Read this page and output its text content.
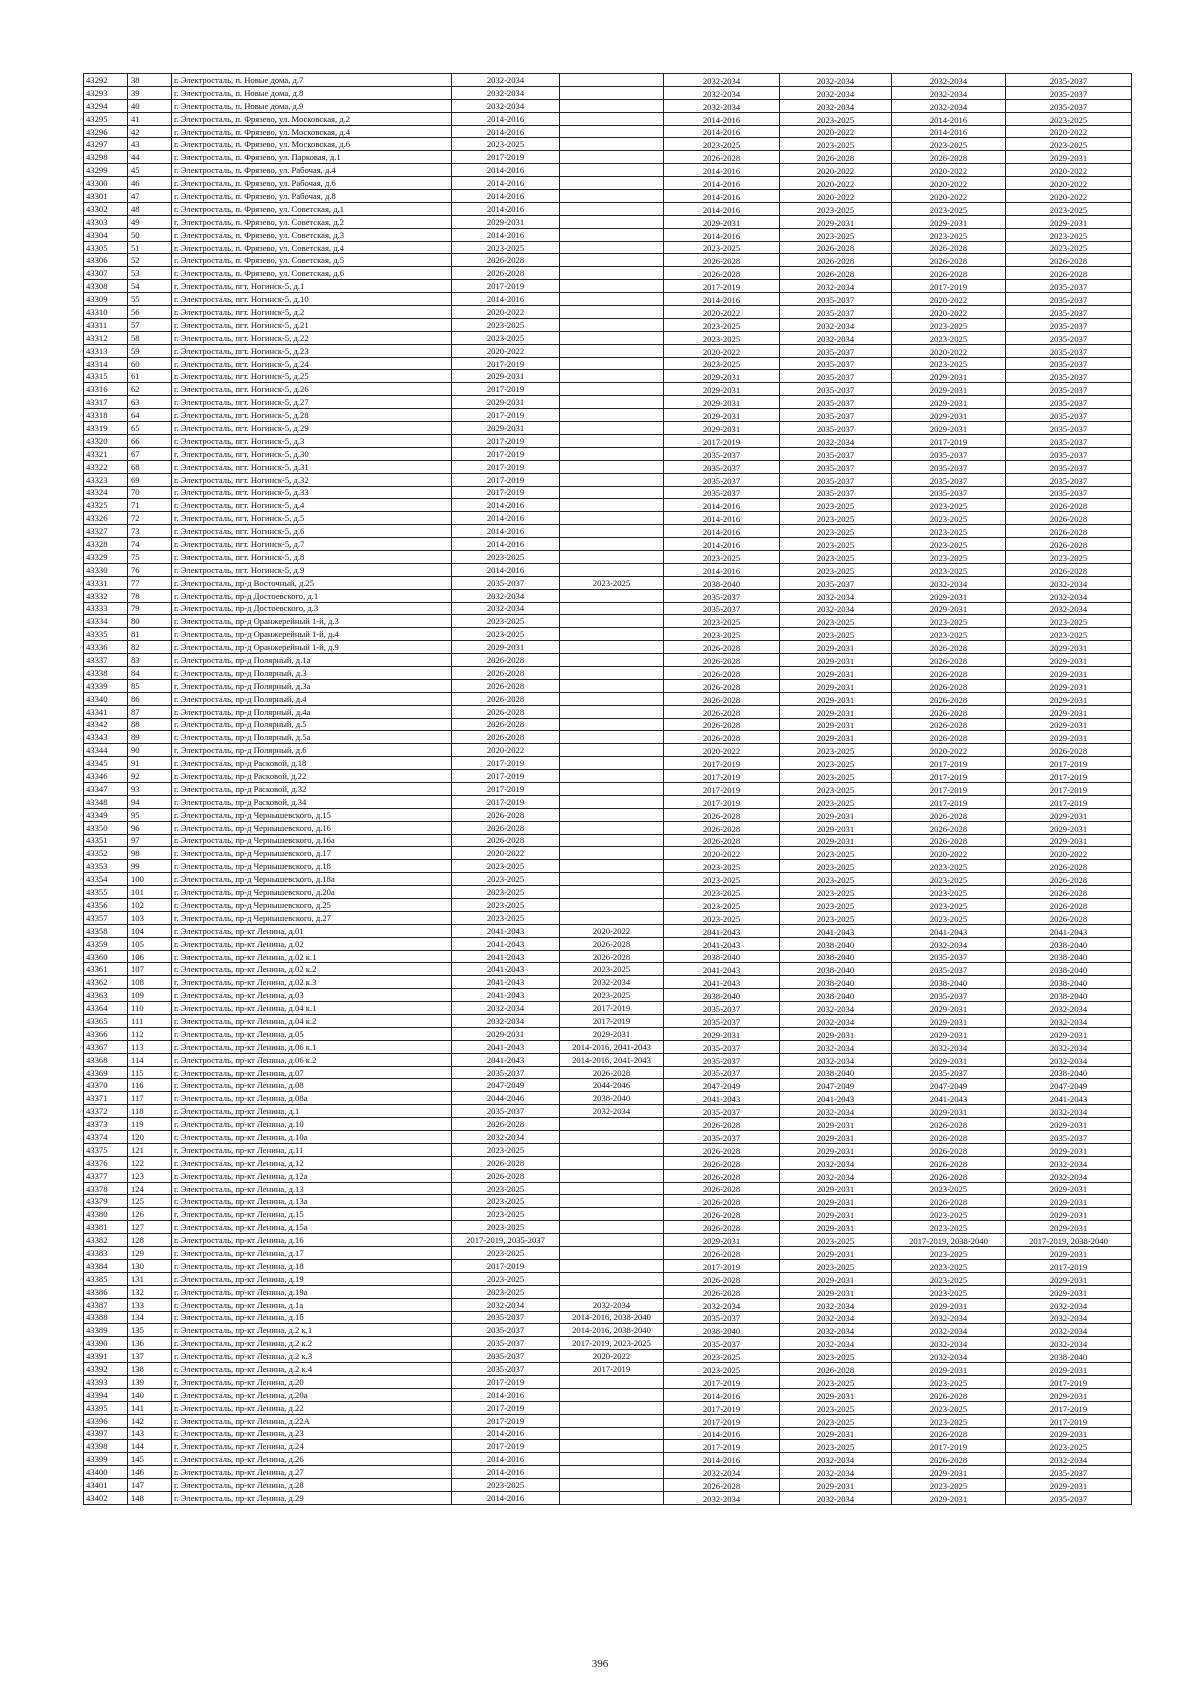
43292	38	г. Электросталь, п. Новые дома, д.7	2032-2034		2032-2034	2032-2034	2032-2034	2035-2037
43293	39	г. Электросталь, п. Новые дома, д.8	2032-2034		2032-2034	2032-2034	2032-2034	2035-2037
43294	40	г. Электросталь, п. Новые дома, д.9	2032-2034		2032-2034	2032-2034	2032-2034	2035-2037
43295	41	г. Электросталь, п. Фрязево, ул. Московская, д.2	2014-2016		2014-2016	2023-2025	2014-2016	2023-2025
43296	42	г. Электросталь, п. Фрязево, ул. Московская, д.4	2014-2016		2014-2016	2020-2022	2014-2016	2020-2022
43297	43	г. Электросталь, п. Фрязево, ул. Московская, д.6	2023-2025		2023-2025	2023-2025	2023-2025	2023-2025
43298	44	г. Электросталь, п. Фрязево, ул. Парковая, д.1	2017-2019		2026-2028	2026-2028	2026-2028	2029-2031
43299	45	г. Электросталь, п. Фрязево, ул. Рабочая, д.4	2014-2016		2014-2016	2020-2022	2020-2022	2020-2022
43300	46	г. Электросталь, п. Фрязево, ул. Рабочая, д.6	2014-2016		2014-2016	2020-2022	2020-2022	2020-2022
43301	47	г. Электросталь, п. Фрязево, ул. Рабочая, д.8	2014-2016		2014-2016	2020-2022	2020-2022	2020-2022
43302	48	г. Электросталь, п. Фрязево, ул. Советская, д.1	2014-2016		2014-2016	2023-2025	2023-2025	2023-2025
43303	49	г. Электросталь, п. Фрязево, ул. Советская, д.2	2029-2031		2029-2031	2029-2031	2029-2031	2029-2031
43304	50	г. Электросталь, п. Фрязево, ул. Советская, д.3	2014-2016		2014-2016	2023-2025	2023-2025	2023-2025
43305	51	г. Электросталь, п. Фрязево, ул. Советская, д.4	2023-2025		2023-2025	2026-2028	2026-2028	2023-2025
43306	52	г. Электросталь, п. Фрязево, ул. Советская, д.5	2026-2028		2026-2028	2026-2028	2026-2028	2026-2028
43307	53	г. Электросталь, п. Фрязево, ул. Советская, д.6	2026-2028		2026-2028	2026-2028	2026-2028	2026-2028
43308	54	г. Электросталь, пгт. Ногинск-5, д.1	2017-2019		2017-2019	2032-2034	2017-2019	2035-2037
43309	55	г. Электросталь, пгт. Ногинск-5, д.10	2014-2016		2014-2016	2035-2037	2020-2022	2035-2037
43310	56	г. Электросталь, пгт. Ногинск-5, д.2	2020-2022		2020-2022	2035-2037	2020-2022	2035-2037
43311	57	г. Электросталь, пгт. Ногинск-5, д.21	2023-2025		2023-2025	2032-2034	2023-2025	2035-2037
43312	58	г. Электросталь, пгт. Ногинск-5, д.22	2023-2025		2023-2025	2032-2034	2023-2025	2035-2037
43313	59	г. Электросталь, пгт. Ногинск-5, д.23	2020-2022		2020-2022	2035-2037	2020-2022	2035-2037
43314	60	г. Электросталь, пгт. Ногинск-5, д.24	2017-2019		2023-2025	2035-2037	2023-2025	2035-2037
43315	61	г. Электросталь, пгт. Ногинск-5, д.25	2029-2031		2029-2031	2035-2037	2029-2031	2035-2037
43316	62	г. Электросталь, пгт. Ногинск-5, д.26	2017-2019		2029-2031	2035-2037	2029-2031	2035-2037
43317	63	г. Электросталь, пгт. Ногинск-5, д.27	2029-2031		2029-2031	2035-2037	2029-2031	2035-2037
43318	64	г. Электросталь, пгт. Ногинск-5, д.28	2017-2019		2029-2031	2035-2037	2029-2031	2035-2037
43319	65	г. Электросталь, пгт. Ногинск-5, д.29	2029-2031		2029-2031	2035-2037	2029-2031	2035-2037
43320	66	г. Электросталь, пгт. Ногинск-5, д.3	2017-2019		2017-2019	2032-2034	2017-2019	2035-2037
43321	67	г. Электросталь, пгт. Ногинск-5, д.30	2017-2019		2035-2037	2035-2037	2035-2037	2035-2037
43322	68	г. Электросталь, пгт. Ногинск-5, д.31	2017-2019		2035-2037	2035-2037	2035-2037	2035-2037
43323	69	г. Электросталь, пгт. Ногинск-5, д.32	2017-2019		2035-2037	2035-2037	2035-2037	2035-2037
43324	70	г. Электросталь, пгт. Ногинск-5, д.33	2017-2019		2035-2037	2035-2037	2035-2037	2035-2037
43325	71	г. Электросталь, пгт. Ногинск-5, д.4	2014-2016		2014-2016	2023-2025	2023-2025	2026-2028
43326	72	г. Электросталь, пгт. Ногинск-5, д.5	2014-2016		2014-2016	2023-2025	2023-2025	2026-2028
43327	73	г. Электросталь, пгт. Ногинск-5, д.6	2014-2016		2014-2016	2023-2025	2023-2025	2026-2028
43328	74	г. Электросталь, пгт. Ногинск-5, д.7	2014-2016		2014-2016	2023-2025	2023-2025	2026-2028
43329	75	г. Электросталь, пгт. Ногинск-5, д.8	2023-2025		2023-2025	2023-2025	2023-2025	2023-2025
43330	76	г. Электросталь, пгт. Ногинск-5, д.9	2014-2016		2014-2016	2023-2025	2023-2025	2026-2028
43331	77	г. Электросталь, пр-д Восточный, д.25	2035-2037	2023-2025	2038-2040	2035-2037	2032-2034	2032-2034
43332	78	г. Электросталь, пр-д Достоевского, д.1	2032-2034		2035-2037	2032-2034	2029-2031	2032-2034
43333	79	г. Электросталь, пр-д Достоевского, д.3	2032-2034		2035-2037	2032-2034	2029-2031	2032-2034
43334	80	г. Электросталь, пр-д Оранжерейный 1-й, д.3	2023-2025		2023-2025	2023-2025	2023-2025	2023-2025
43335	81	г. Электросталь, пр-д Оранжерейный 1-й, д.4	2023-2025		2023-2025	2023-2025	2023-2025	2023-2025
43336	82	г. Электросталь, пр-д Оранжерейный 1-й, д.9	2029-2031		2026-2028	2029-2031	2026-2028	2029-2031
43337	83	г. Электросталь, пр-д Полярный, д.1а	2026-2028		2026-2028	2029-2031	2026-2028	2029-2031
43338	84	г. Электросталь, пр-д Полярный, д.3	2026-2028		2026-2028	2029-2031	2026-2028	2029-2031
43339	85	г. Электросталь, пр-д Полярный, д.3а	2026-2028		2026-2028	2029-2031	2026-2028	2029-2031
43340	86	г. Электросталь, пр-д Полярный, д.4	2026-2028		2026-2028	2029-2031	2026-2028	2029-2031
43341	87	г. Электросталь, пр-д Полярный, д.4а	2026-2028		2026-2028	2029-2031	2026-2028	2029-2031
43342	88	г. Электросталь, пр-д Полярный, д.5	2026-2028		2026-2028	2029-2031	2026-2028	2029-2031
43343	89	г. Электросталь, пр-д Полярный, д.5а	2026-2028		2026-2028	2029-2031	2026-2028	2029-2031
43344	90	г. Электросталь, пр-д Полярный, д.6	2020-2022		2020-2022	2023-2025	2020-2022	2026-2028
43345	91	г. Электросталь, пр-д Расковой, д.18	2017-2019		2017-2019	2023-2025	2017-2019	2017-2019
43346	92	г. Электросталь, пр-д Расковой, д.22	2017-2019		2017-2019	2023-2025	2017-2019	2017-2019
43347	93	г. Электросталь, пр-д Расковой, д.32	2017-2019		2017-2019	2023-2025	2017-2019	2017-2019
43348	94	г. Электросталь, пр-д Расковой, д.34	2017-2019		2017-2019	2023-2025	2017-2019	2017-2019
43349	95	г. Электросталь, пр-д Чернышевского, д.15	2026-2028		2026-2028	2029-2031	2026-2028	2029-2031
43350	96	г. Электросталь, пр-д Чернышевского, д.16	2026-2028		2026-2028	2029-2031	2026-2028	2029-2031
43351	97	г. Электросталь, пр-д Чернышевского, д.16а	2026-2028		2026-2028	2029-2031	2026-2028	2029-2031
43352	98	г. Электросталь, пр-д Чернышевского, д.17	2020-2022		2020-2022	2023-2025	2020-2022	2020-2022
43353	99	г. Электросталь, пр-д Чернышевского, д.18	2023-2025		2023-2025	2023-2025	2023-2025	2026-2028
43354	100	г. Электросталь, пр-д Чернышевского, д.18а	2023-2025		2023-2025	2023-2025	2023-2025	2026-2028
43355	101	г. Электросталь, пр-д Чернышевского, д.20а	2023-2025		2023-2025	2023-2025	2023-2025	2026-2028
43356	102	г. Электросталь, пр-д Чернышевского, д.25	2023-2025		2023-2025	2023-2025	2023-2025	2026-2028
43357	103	г. Электросталь, пр-д Чернышевского, д.27	2023-2025		2023-2025	2023-2025	2023-2025	2026-2028
43358	104	г. Электросталь, пр-кт Ленина, д.01	2041-2043	2020-2022	2041-2043	2041-2043	2041-2043	2041-2043
43359	105	г. Электросталь, пр-кт Ленина, д.02	2041-2043	2026-2028	2041-2043	2038-2040	2032-2034	2038-2040
43360	106	г. Электросталь, пр-кт Ленина, д.02 к.1	2041-2043	2026-2028	2038-2040	2038-2040	2035-2037	2038-2040
43361	107	г. Электросталь, пр-кт Ленина, д.02 к.2	2041-2043	2023-2025	2041-2043	2038-2040	2035-2037	2038-2040
43362	108	г. Электросталь, пр-кт Ленина, д.02 к.3	2041-2043	2032-2034	2041-2043	2038-2040	2038-2040	2038-2040
43363	109	г. Электросталь, пр-кт Ленина, д.03	2041-2043	2023-2025	2038-2040	2038-2040	2035-2037	2038-2040
43364	110	г. Электросталь, пр-кт Ленина, д.04 к.1	2032-2034	2017-2019	2035-2037	2032-2034	2029-2031	2032-2034
43365	111	г. Электросталь, пр-кт Ленина, д.04 к.2	2032-2034	2017-2019	2035-2037	2032-2034	2029-2031	2032-2034
43366	112	г. Электросталь, пр-кт Ленина, д.05	2029-2031	2029-2031	2029-2031	2029-2031	2029-2031	2029-2031
43367	113	г. Электросталь, пр-кт Ленина, д.06 к.1	2041-2043	2014-2016, 2041-2043	2035-2037	2032-2034	2032-2034	2032-2034
43368	114	г. Электросталь, пр-кт Ленина, д.06 к.2	2041-2043	2014-2016, 2041-2043	2035-2037	2032-2034	2029-2031	2032-2034
43369	115	г. Электросталь, пр-кт Ленина, д.07	2035-2037	2026-2028	2035-2037	2038-2040	2035-2037	2038-2040
43370	116	г. Электросталь, пр-кт Ленина, д.08	2047-2049	2044-2046	2047-2049	2047-2049	2047-2049	2047-2049
43371	117	г. Электросталь, пр-кт Ленина, д.08а	2044-2046	2038-2040	2041-2043	2041-2043	2041-2043	2041-2043
43372	118	г. Электросталь, пр-кт Ленина, д.1	2035-2037	2032-2034	2035-2037	2032-2034	2029-2031	2032-2034
43373	119	г. Электросталь, пр-кт Ленина, д.10	2026-2028		2026-2028	2029-2031	2026-2028	2029-2031
43374	120	г. Электросталь, пр-кт Ленина, д.10а	2032-2034		2035-2037	2029-2031	2026-2028	2035-2037
43375	121	г. Электросталь, пр-кт Ленина, д.11	2023-2025		2026-2028	2029-2031	2026-2028	2029-2031
43376	122	г. Электросталь, пр-кт Ленина, д.12	2026-2028		2026-2028	2032-2034	2026-2028	2032-2034
43377	123	г. Электросталь, пр-кт Ленина, д.12а	2026-2028		2026-2028	2032-2034	2026-2028	2032-2034
43378	124	г. Электросталь, пр-кт Ленина, д.13	2023-2025		2026-2028	2029-2031	2023-2025	2029-2031
43379	125	г. Электросталь, пр-кт Ленина, д.13а	2023-2025		2026-2028	2029-2031	2026-2028	2029-2031
43380	126	г. Электросталь, пр-кт Ленина, д.15	2023-2025		2026-2028	2029-2031	2023-2025	2029-2031
43381	127	г. Электросталь, пр-кт Ленина, д.15а	2023-2025		2026-2028	2029-2031	2023-2025	2029-2031
43382	128	г. Электросталь, пр-кт Ленина, д.16	2017-2019, 2035-2037		2029-2031	2023-2025	2017-2019, 2038-2040	2017-2019, 2038-2040
43383	129	г. Электросталь, пр-кт Ленина, д.17	2023-2025		2026-2028	2029-2031	2023-2025	2029-2031
43384	130	г. Электросталь, пр-кт Ленина, д.18	2017-2019		2017-2019	2023-2025	2023-2025	2017-2019
43385	131	г. Электросталь, пр-кт Ленина, д.19	2023-2025		2026-2028	2029-2031	2023-2025	2029-2031
43386	132	г. Электросталь, пр-кт Ленина, д.19а	2023-2025		2026-2028	2029-2031	2023-2025	2029-2031
43387	133	г. Электросталь, пр-кт Ленина, д.1а	2032-2034	2032-2034	2032-2034	2032-2034	2029-2031	2032-2034
43388	134	г. Электросталь, пр-кт Ленина, д.1б	2035-2037	2014-2016, 2038-2040	2035-2037	2032-2034	2032-2034	2032-2034
43389	135	г. Электросталь, пр-кт Ленина, д.2 к.1	2035-2037	2014-2016, 2038-2040	2038-2040	2032-2034	2032-2034	2032-2034
43390	136	г. Электросталь, пр-кт Ленина, д.2 к.2	2035-2037	2017-2019, 2023-2025	2035-2037	2032-2034	2032-2034	2032-2034
43391	137	г. Электросталь, пр-кт Ленина, д.2 к.3	2035-2037	2020-2022	2023-2025	2023-2025	2032-2034	2038-2040
43392	138	г. Электросталь, пр-кт Ленина, д.2 к.4	2035-2037	2017-2019	2023-2025	2026-2028	2029-2031	2029-2031
43393	139	г. Электросталь, пр-кт Ленина, д.20	2017-2019		2017-2019	2023-2025	2023-2025	2017-2019
43394	140	г. Электросталь, пр-кт Ленина, д.20а	2014-2016		2014-2016	2029-2031	2026-2028	2029-2031
43395	141	г. Электросталь, пр-кт Ленина, д.22	2017-2019		2017-2019	2023-2025	2023-2025	2017-2019
43396	142	г. Электросталь, пр-кт Ленина, д.22А	2017-2019		2017-2019	2023-2025	2023-2025	2017-2019
43397	143	г. Электросталь, пр-кт Ленина, д.23	2014-2016		2014-2016	2029-2031	2026-2028	2029-2031
43398	144	г. Электросталь, пр-кт Ленина, д.24	2017-2019		2017-2019	2023-2025	2017-2019	2023-2025
43399	145	г. Электросталь, пр-кт Ленина, д.26	2014-2016		2014-2016	2032-2034	2026-2028	2032-2034
43400	146	г. Электросталь, пр-кт Ленина, д.27	2014-2016		2032-2034	2032-2034	2029-2031	2035-2037
43401	147	г. Электросталь, пр-кт Ленина, д.28	2023-2025		2026-2028	2029-2031	2023-2025	2029-2031
43402	148	г. Электросталь, пр-кт Ленина, д.29	2014-2016		2032-2034	2032-2034	2029-2031	2035-2037
396
